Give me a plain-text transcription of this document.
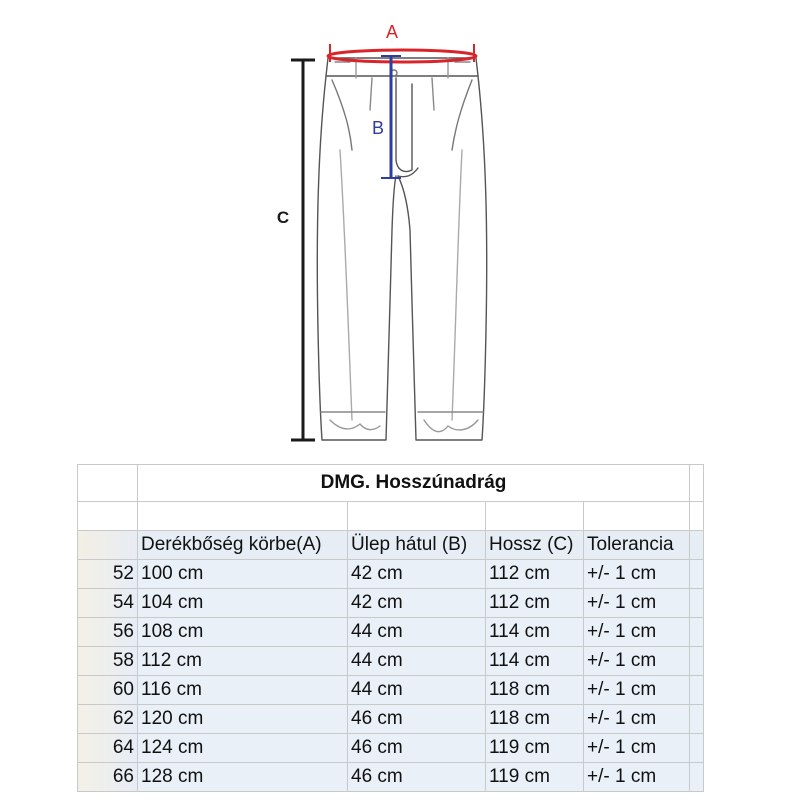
A
B
C
	DMG. Hosszúnadrág				

	Derékbőség körbe(A)	Ülep hátul (B)	Hossz (C)	Tolerancia	
52	100 cm	42 cm	112 cm	+/- 1 cm	
54	104 cm	42 cm	112 cm	+/- 1 cm	
56	108 cm	44 cm	114 cm	+/- 1 cm	
58	112 cm	44 cm	114 cm	+/- 1 cm	
60	116 cm	44 cm	118 cm	+/- 1 cm	
62	120 cm	46 cm	118 cm	+/- 1 cm	
64	124 cm	46 cm	119 cm	+/- 1 cm	
66	128 cm	46 cm	119 cm	+/- 1 cm	
